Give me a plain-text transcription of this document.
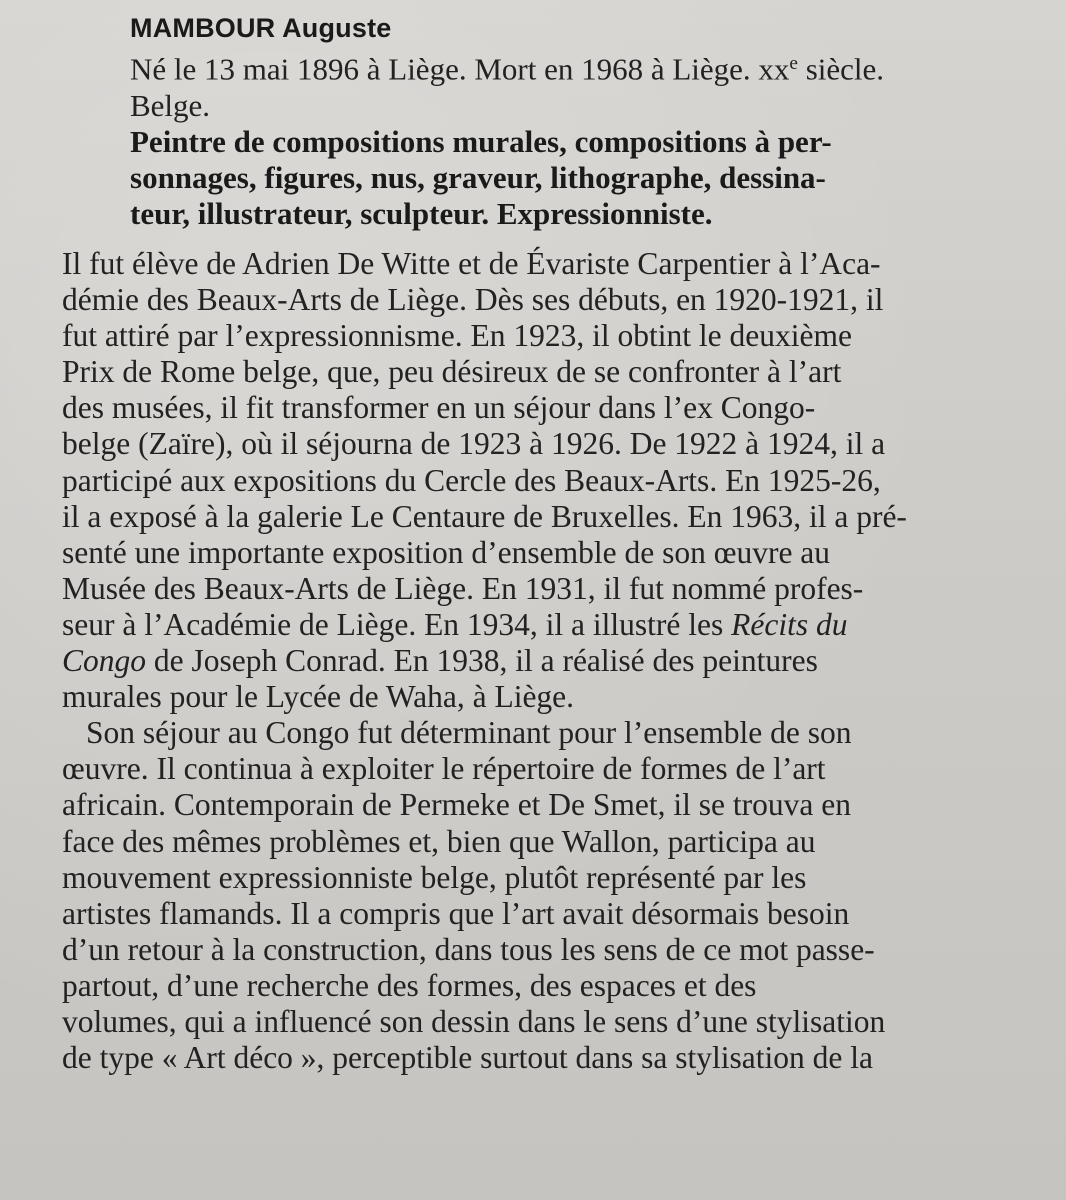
MAMBOUR Auguste
Né le 13 mai 1896 à Liège. Mort en 1968 à Liège. $xx^e$ siècle.
Belge.
Peintre de compositions murales, compositions à per-
sonnages, figures, nus, graveur, lithographe, dessina-
teur, illustrateur, sculpteur. Expressionniste.
Il fut élève de Adrien De Witte et de Évariste Carpentier à l’Aca-
démie des Beaux-Arts de Liège. Dès ses débuts, en 1920-1921, il
fut attiré par l’expressionnisme. En 1923, il obtint le deuxième
Prix de Rome belge, que, peu désireux de se confronter à l’art
des musées, il fit transformer en un séjour dans l’ex Congo-
belge (Zaïre), où il séjourna de 1923 à 1926. De 1922 à 1924, il a
participé aux expositions du Cercle des Beaux-Arts. En 1925-26,
il a exposé à la galerie Le Centaure de Bruxelles. En 1963, il a pré-
senté une importante exposition d’ensemble de son œuvre au
Musée des Beaux-Arts de Liège. En 1931, il fut nommé profes-
seur à l’Académie de Liège. En 1934, il a illustré les Récits du
Congo de Joseph Conrad. En 1938, il a réalisé des peintures
murales pour le Lycée de Waha, à Liège.
Son séjour au Congo fut déterminant pour l’ensemble de son
œuvre. Il continua à exploiter le répertoire de formes de l’art
africain. Contemporain de Permeke et De Smet, il se trouva en
face des mêmes problèmes et, bien que Wallon, participa au
mouvement expressionniste belge, plutôt représenté par les
artistes flamands. Il a compris que l’art avait désormais besoin
d’un retour à la construction, dans tous les sens de ce mot passe-
partout, d’une recherche des formes, des espaces et des
volumes, qui a influencé son dessin dans le sens d’une stylisation
de type « Art déco », perceptible surtout dans sa stylisation de la
